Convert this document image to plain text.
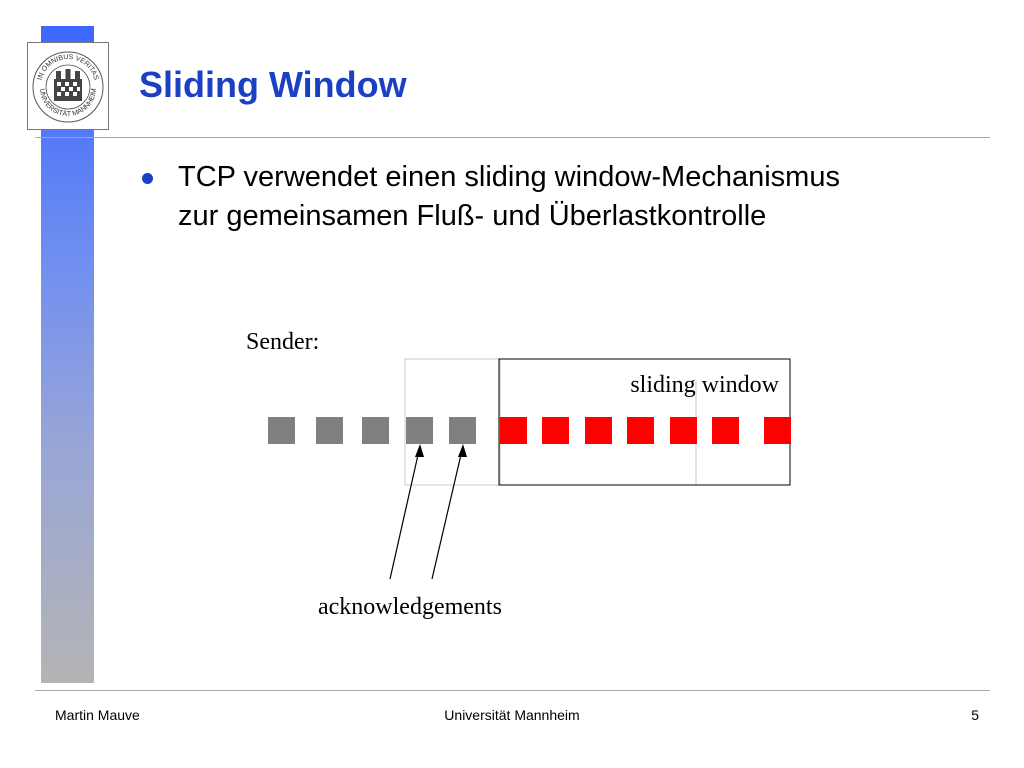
IN OMNIBUS VERITAS
UNIVERSITÄT MANNHEIM Sliding Window
TCP verwendet einen sliding window-Mechanismus
zur gemeinsamen Fluß- und Überlastkontrolle
Sender:
sliding window
acknowledgements
Martin Mauve	Universität Mannheim	5
